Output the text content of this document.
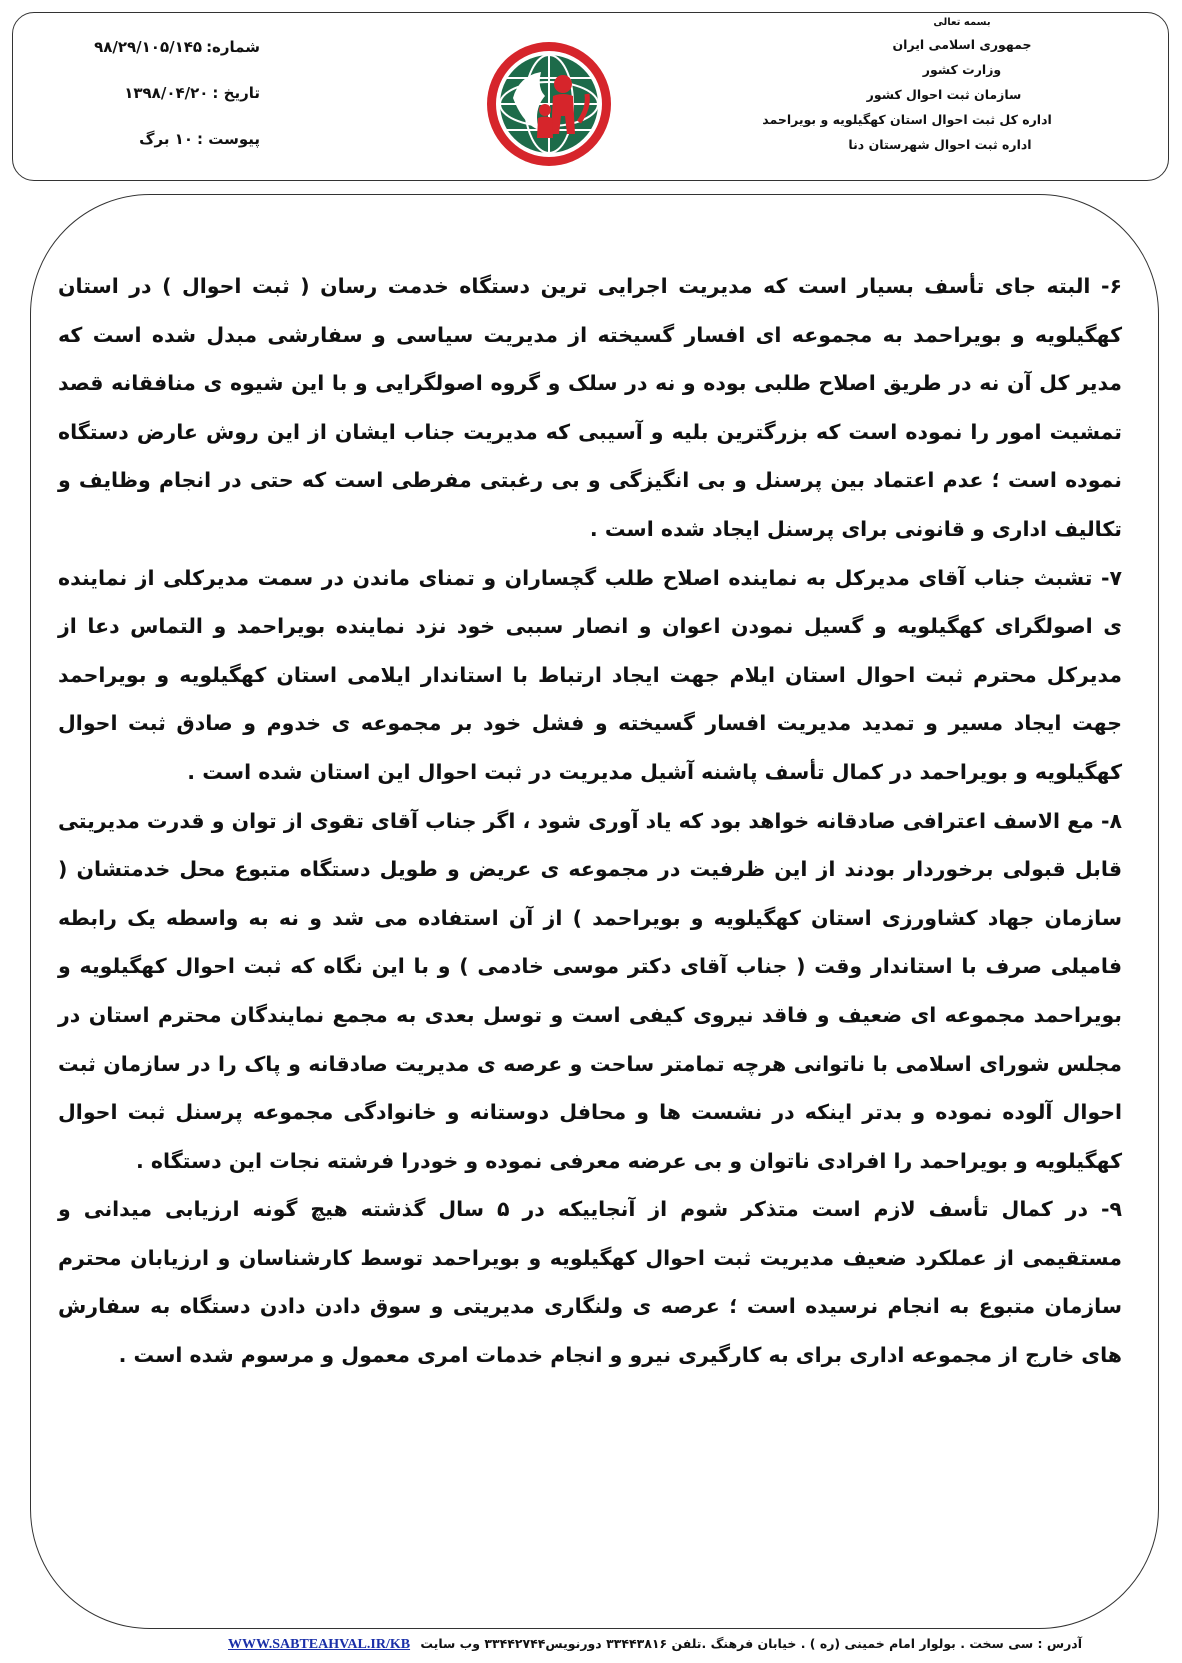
بسمه تعالی
جمهوری اسلامی ایران
وزارت کشور
سازمان ثبت احوال کشور
اداره کل ثبت احوال استان کهگیلویه و بویراحمد
اداره ثبت احوال شهرستان دنا
شماره:
۹۸/۲۹/۱۰۵/۱۴۵
تاریخ :
۱۳۹۸/۰۴/۲۰
پیوست :
۱۰ برگ

۶- البته جای تأسف بسیار است که مدیریت اجرایی ترین دستگاه خدمت رسان ( ثبت احوال ) در استان کهگیلویه و بویراحمد به مجموعه ای افسار گسیخته از مدیریت سیاسی و سفارشی مبدل شده است که مدیر کل آن نه در طریق اصلاح طلبی بوده و نه در سلک و گروه اصولگرایی و با این شیوه ی منافقانه قصد تمشیت امور را نموده است که بزرگترین بلیه و آسیبی که مدیریت جناب ایشان از این روش عارض دستگاه نموده است ؛ عدم اعتماد بین پرسنل و بی انگیزگی و بی رغبتی مفرطی است که حتی در انجام وظایف و تکالیف اداری و قانونی برای پرسنل ایجاد شده است .

۷- تشبث جناب آقای مدیرکل به نماینده اصلاح طلب گچساران و تمنای ماندن در سمت مدیرکلی از نماینده ی اصولگرای کهگیلویه و گسیل نمودن اعوان و انصار سببی خود نزد نماینده بویراحمد و التماس دعا از مدیرکل محترم ثبت احوال استان ایلام جهت ایجاد ارتباط با استاندار ایلامی استان کهگیلویه و بویراحمد جهت ایجاد مسیر و تمدید مدیریت افسار گسیخته و فشل خود بر مجموعه ی خدوم و صادق ثبت احوال کهگیلویه و بویراحمد در کمال تأسف پاشنه آشیل مدیریت در ثبت احوال این استان شده است .

۸- مع الاسف اعترافی صادقانه خواهد بود که یاد آوری شود ، اگر جناب آقای تقوی از توان و قدرت مدیریتی قابل قبولی برخوردار بودند از این ظرفیت در مجموعه ی عریض و طویل دستگاه متبوع محل خدمتشان ( سازمان جهاد کشاورزی استان کهگیلویه و بویراحمد ) از آن استفاده می شد و نه به واسطه یک رابطه فامیلی صرف با استاندار وقت ( جناب آقای دکتر موسی خادمی ) و با این نگاه که ثبت احوال کهگیلویه و بویراحمد مجموعه ای ضعیف و فاقد نیروی کیفی است و توسل بعدی به مجمع نمایندگان محترم استان در مجلس شورای اسلامی با ناتوانی هرچه تمامتر ساحت و عرصه ی مدیریت صادقانه و پاک را در سازمان ثبت احوال آلوده نموده و بدتر اینکه در نشست ها و محافل دوستانه و خانوادگی مجموعه پرسنل ثبت احوال کهگیلویه و بویراحمد را افرادی ناتوان و بی عرضه معرفی نموده و خودرا فرشته نجات این دستگاه .

۹- در کمال تأسف لازم است متذکر شوم از آنجاییکه در ۵ سال گذشته هیچ گونه ارزیابی میدانی و مستقیمی از عملکرد ضعیف مدیریت ثبت احوال کهگیلویه و بویراحمد توسط کارشناسان و ارزیابان محترم سازمان متبوع به انجام نرسیده است ؛ عرصه ی ولنگاری مدیریتی و سوق دادن دادن دستگاه به سفارش های خارج از مجموعه اداری برای به کارگیری نیرو و انجام خدمات امری معمول و مرسوم شده است .

آدرس : سی سخت . بولوار امام خمینی (ره ) . خیابان فرهنگ .تلفن ۳۳۴۴۳۸۱۶ دورنویس۳۳۴۴۲۷۴۴ وب سایت WWW.SABTEAHVAL.IR/KB
